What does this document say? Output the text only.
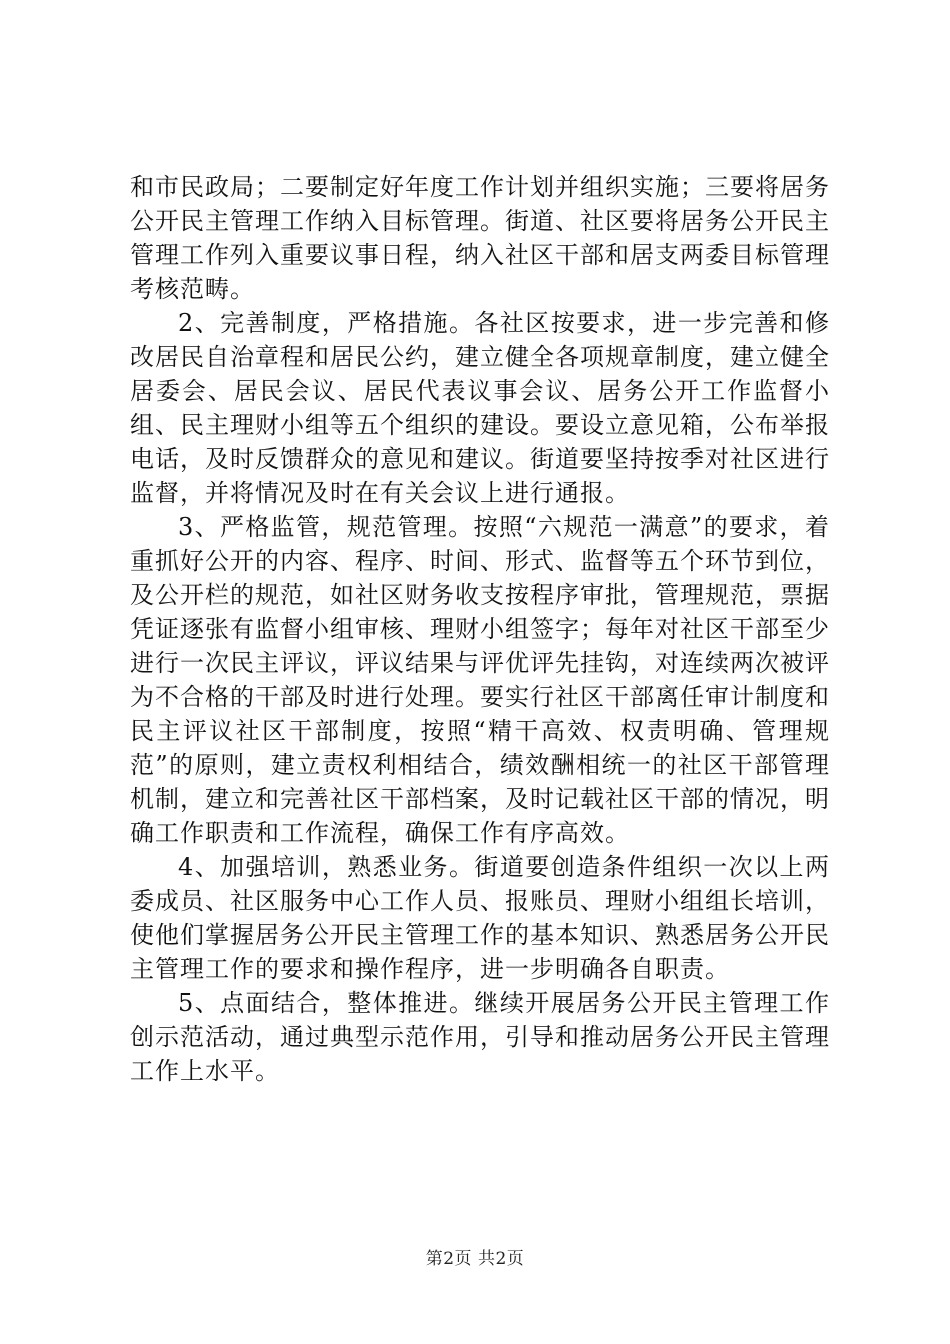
和市民政局；二要制定好年度工作计划并组织实施；三要将居务公开民主管理工作纳入目标管理。街道、社区要将居务公开民主管理工作列入重要议事日程，纳入社区干部和居支两委目标管理考核范畴。

2、完善制度，严格措施。各社区按要求，进一步完善和修改居民自治章程和居民公约，建立健全各项规章制度，建立健全居委会、居民会议、居民代表议事会议、居务公开工作监督小组、民主理财小组等五个组织的建设。要设立意见箱，公布举报电话，及时反馈群众的意见和建议。街道要坚持按季对社区进行监督，并将情况及时在有关会议上进行通报。

3、严格监管，规范管理。按照“六规范一满意”的要求，着重抓好公开的内容、程序、时间、形式、监督等五个环节到位，及公开栏的规范，如社区财务收支按程序审批，管理规范，票据凭证逐张有监督小组审核、理财小组签字；每年对社区干部至少进行一次民主评议，评议结果与评优评先挂钩，对连续两次被评为不合格的干部及时进行处理。要实行社区干部离任审计制度和民主评议社区干部制度，按照“精干高效、权责明确、管理规范”的原则，建立责权利相结合，绩效酬相统一的社区干部管理机制，建立和完善社区干部档案，及时记载社区干部的情况，明确工作职责和工作流程，确保工作有序高效。

4、加强培训，熟悉业务。街道要创造条件组织一次以上两委成员、社区服务中心工作人员、报账员、理财小组组长培训，使他们掌握居务公开民主管理工作的基本知识、熟悉居务公开民主管理工作的要求和操作程序，进一步明确各自职责。

5、点面结合，整体推进。继续开展居务公开民主管理工作创示范活动，通过典型示范作用，引导和推动居务公开民主管理工作上水平。

第2页 共2页
